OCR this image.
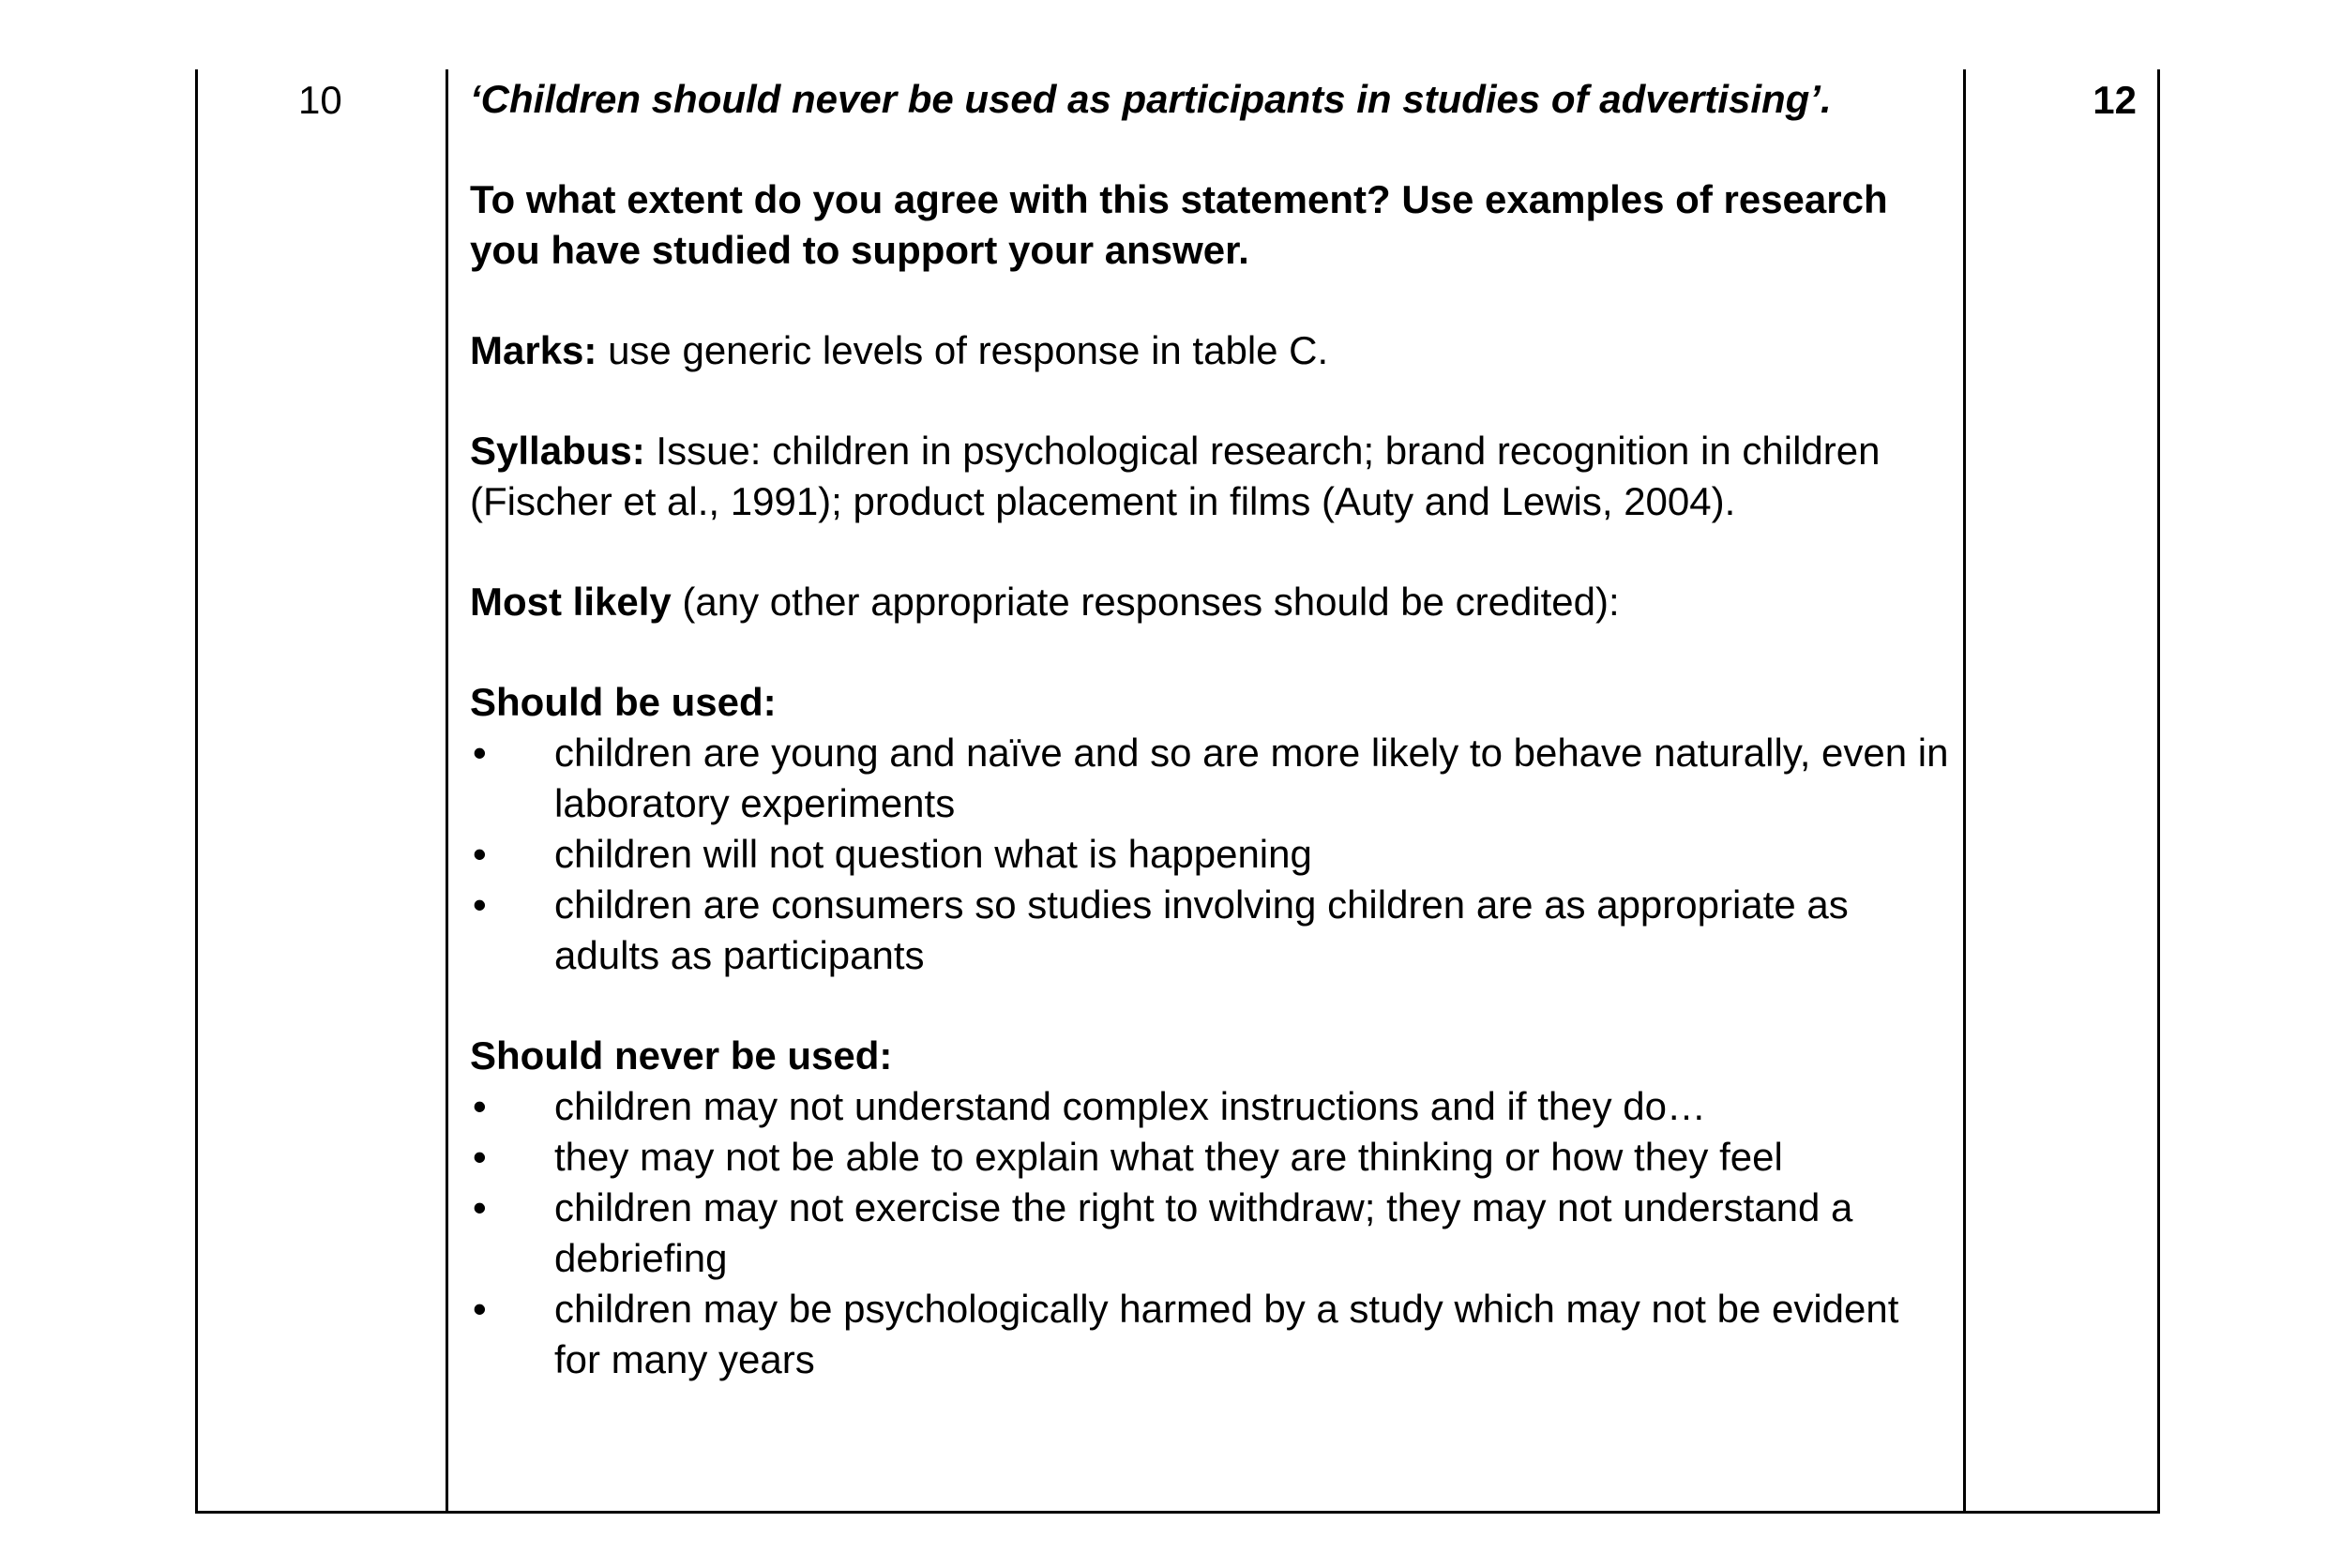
10	12

‘Children should never be used as participants in studies of advertising’.

To what extent do you agree with this statement? Use examples of research you have studied to support your answer.

Marks: use generic levels of response in table C.

Syllabus: Issue: children in psychological research; brand recognition in children (Fischer et al., 1991); product placement in films (Auty and Lewis, 2004).

Most likely (any other appropriate responses should be credited):

Should be used:

• children are young and naïve and so are more likely to behave naturally, even in laboratory experiments
• children will not question what is happening
• children are consumers so studies involving children are as appropriate as adults as participants

Should never be used:

• children may not understand complex instructions and if they do…
• they may not be able to explain what they are thinking or how they feel
• children may not exercise the right to withdraw; they may not understand a debriefing
• children may be psychologically harmed by a study which may not be evident for many years
